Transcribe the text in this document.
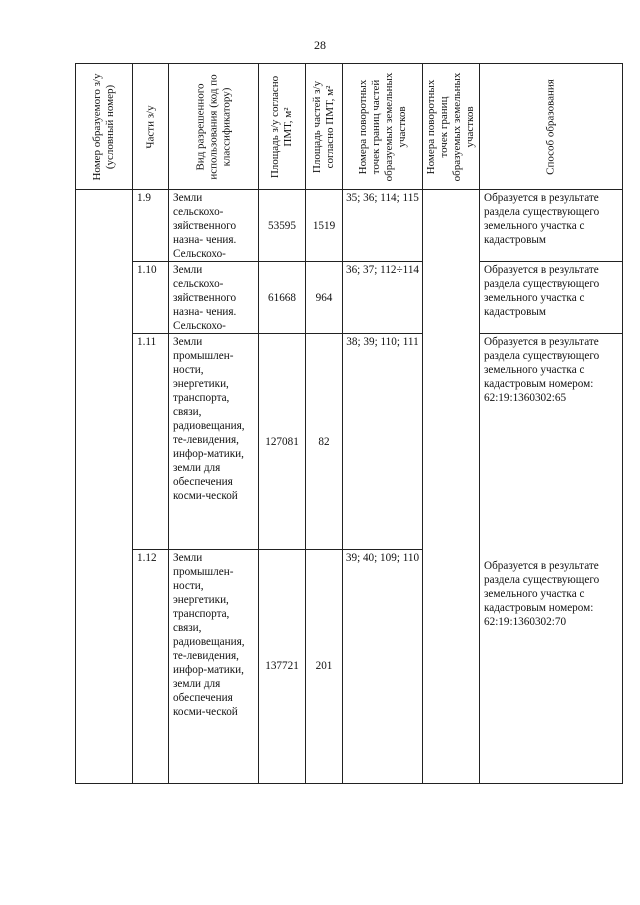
28
Номер образуемого з/у (условный номер)	Части з/у	Вид разрешенного использования (код по классификатору)	Площадь з/у согласно ПМТ, м²	Площадь частей з/у согласно ПМТ, м²	Номера поворотных точек границ частей образуемых земельных участков	Номера поворотных точек границ образуемых земельных участков	Способ образования

	1.9	Земли сельскохо-зяйственного назна- чения. Сельскохо-	53595	1519	35; 36; 114; 115		Образуется в результате раздела существующего земельного участка с кадастровым

	1.10	Земли сельскохо-зяйственного назна- чения. Сельскохо-	61668	964	36; 37; 112÷114		Образуется в результате раздела существующего земельного участка с кадастровым

	1.11	Земли промышлен-ности, энергетики, транспорта, связи, радиовещания, те-левидения, инфор-матики, земли для обеспечения косми-ческой	127081	82	38; 39; 110; 111		Образуется в результате раздела существующего земельного участка с кадастровым номером: 62:19:1360302:65

	1.12	Земли промышлен-ности, энергетики, транспорта, связи, радиовещания, те-левидения, инфор-матики, земли для обеспечения косми-ческой	137721	201	39; 40; 109; 110		Образуется в результате раздела существующего земельного участка с кадастровым номером: 62:19:1360302:70
